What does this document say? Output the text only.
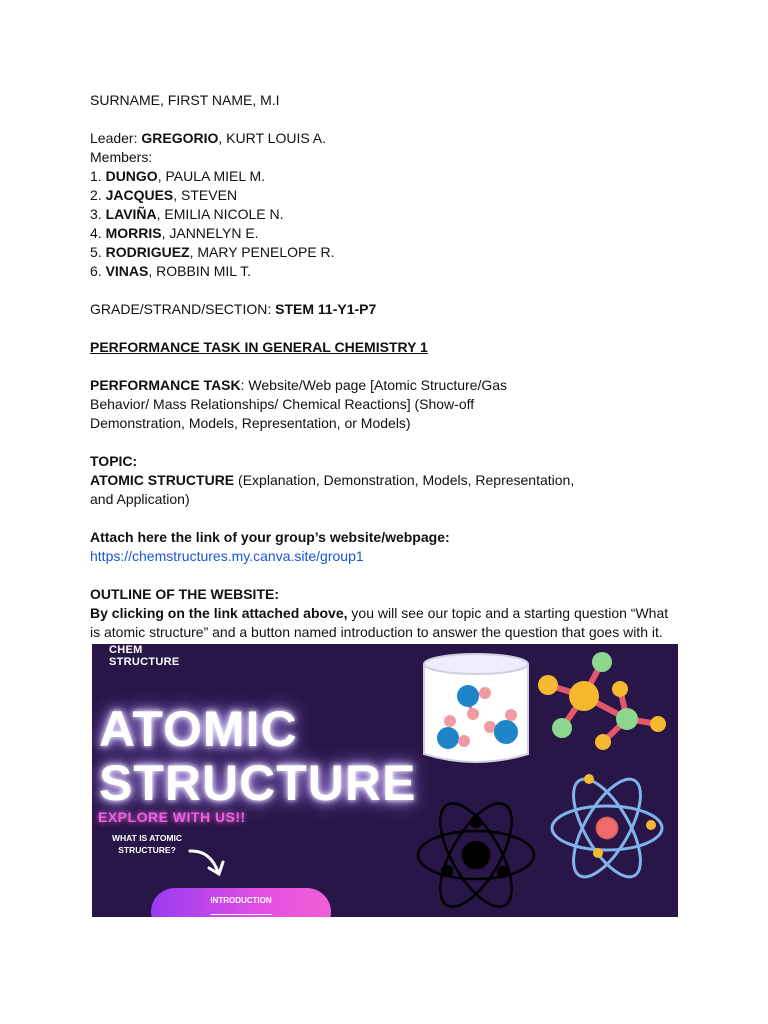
SURNAME, FIRST NAME, M.I
Leader: GREGORIO, KURT LOUIS A.
Members:
1. DUNGO, PAULA MIEL M.
2. JACQUES, STEVEN
3. LAVIÑA, EMILIA NICOLE N.
4. MORRIS, JANNELYN E.
5. RODRIGUEZ, MARY PENELOPE R.
6. VINAS, ROBBIN MIL T.
GRADE/STRAND/SECTION: STEM 11-Y1-P7
PERFORMANCE TASK IN GENERAL CHEMISTRY 1
PERFORMANCE TASK: Website/Web page [Atomic Structure/Gas Behavior/ Mass Relationships/ Chemical Reactions] (Show-off Demonstration, Models, Representation, or Models)
TOPIC:
ATOMIC STRUCTURE (Explanation, Demonstration, Models, Representation, and Application)
Attach here the link of your group’s website/webpage:
https://chemstructures.my.canva.site/group1
OUTLINE OF THE WEBSITE:
By clicking on the link attached above, you will see our topic and a starting question “What is atomic structure” and a button named introduction to answer the question that goes with it.
CHEM STRUCTURE
ATOMIC
STRUCTURE
EXPLORE WITH US!!
WHAT IS ATOMIC STRUCTURE?
INTRODUCTION
